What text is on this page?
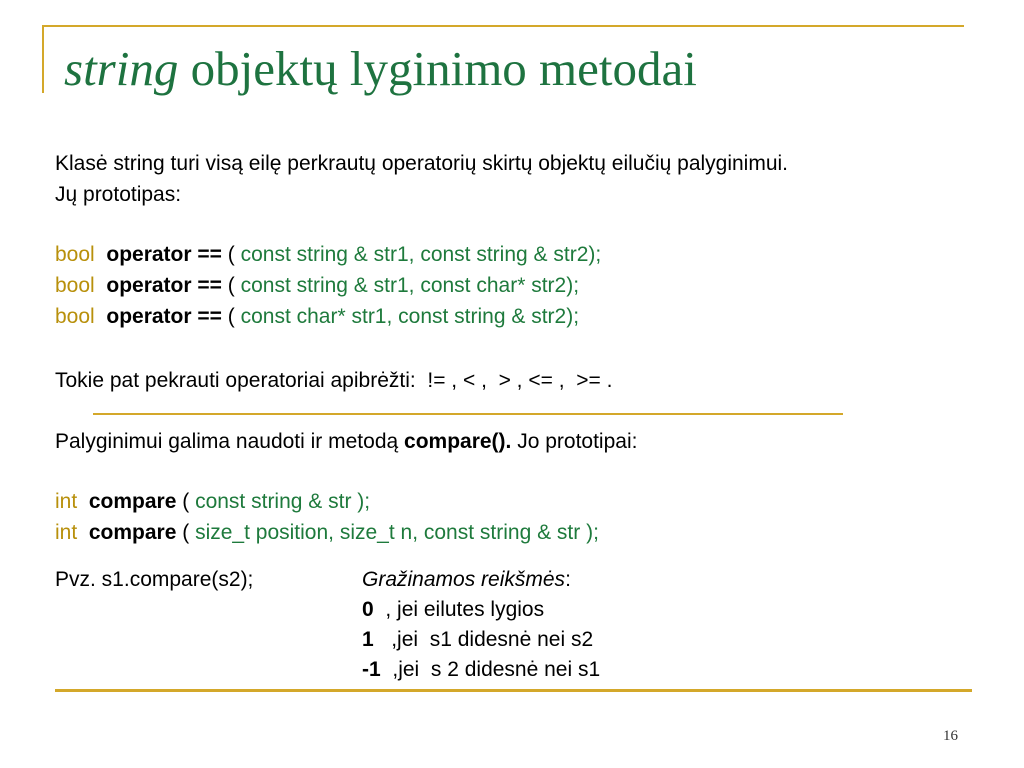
string objektų lyginimo metodai
Klasė string turi visą eilę perkrautų operatorių skirtų objektų eilučių palyginimui.
Jų prototipas:
bool operator == ( const string & str1, const string & str2);
bool operator == ( const string & str1, const char* str2);
bool operator == ( const char* str1, const string & str2);
Tokie pat pekrauti operatoriai apibrėžti:  != , < ,  > , <= ,  >= .
Palyginimui galima naudoti ir metodą compare(). Jo prototipai:
int compare ( const string & str );
int compare ( size_t position, size_t n, const string & str );
Pvz. s1.compare(s2);	Gražinamos reikšmės:
0  , jei eilutes lygios
1   ,jei  s1 didesnė nei s2
-1  ,jei  s 2 didesnė nei s1
16
